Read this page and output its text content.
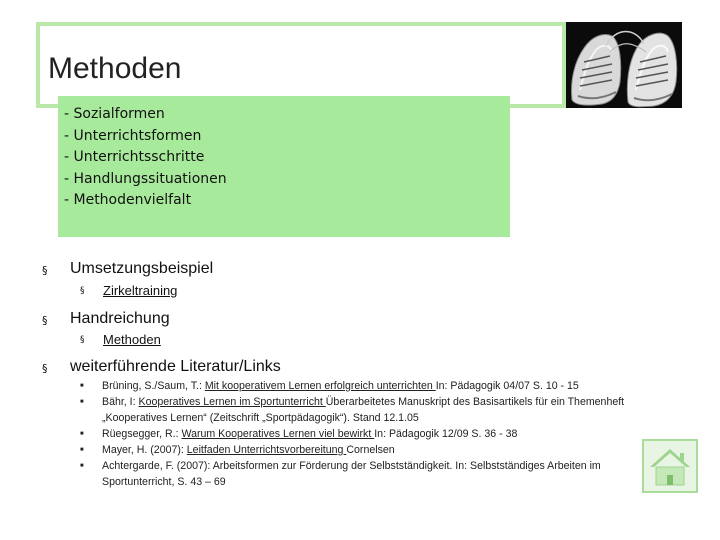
Methoden
- Sozialformen
- Unterrichtsformen
- Unterrichtsschritte
- Handlungssituationen
- Methodenvielfalt
§ Umsetzungsbeispiel
§ Zirkeltraining
§ Handreichung
§ Methoden
§ weiterführende Literatur/Links
■ Brüning, S./Saum, T.: Mit kooperativem Lernen erfolgreich unterrichten In: Pädagogik 04/07 S. 10 - 15
■ Bähr, I: Kooperatives Lernen im Sportunterricht Überarbeitetes Manuskript des Basisartikels für ein Themenheft „Kooperatives Lernen“ (Zeitschrift „Sportpädagogik“). Stand 12.1.05
■ Rüegsegger, R.: Warum Kooperatives Lernen viel bewirkt In: Pädagogik 12/09 S. 36 - 38
■ Mayer, H. (2007): Leitfaden Unterrichtsvorbereitung Cornelsen
■ Achtergarde, F. (2007): Arbeitsformen zur Förderung der Selbstständigkeit. In: Selbstständiges Arbeiten im Sportunterricht, S. 43 – 69
